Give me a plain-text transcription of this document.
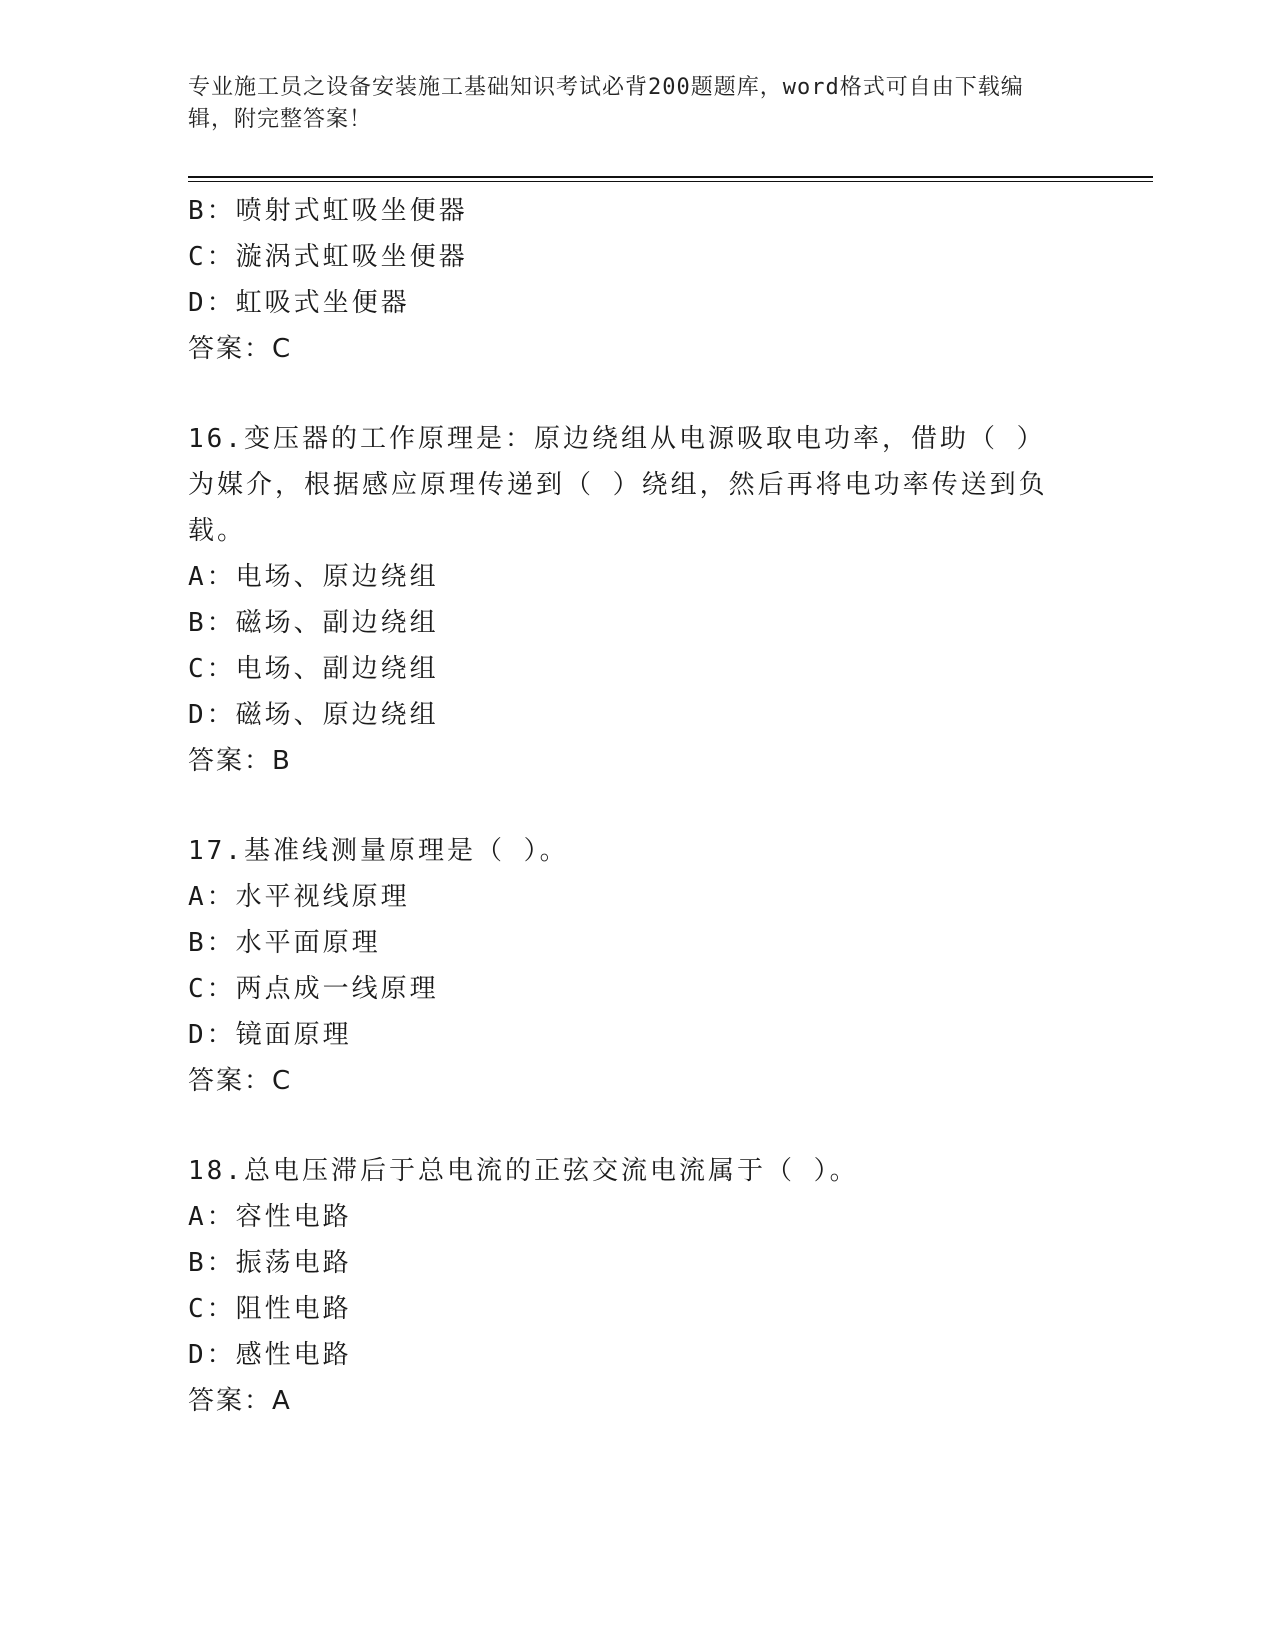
专业施工员之设备安装施工基础知识考试必背200题题库，word格式可自由下载编辑，附完整答案！
B：喷射式虹吸坐便器
C：漩涡式虹吸坐便器
D：虹吸式坐便器
答案：C
16.变压器的工作原理是：原边绕组从电源吸取电功率，借助（ ）为媒介，根据感应原理传递到（ ）绕组，然后再将电功率传送到负载。
A：电场、原边绕组
B：磁场、副边绕组
C：电场、副边绕组
D：磁场、原边绕组
答案：B
17.基准线测量原理是（ ）。
A：水平视线原理
B：水平面原理
C：两点成一线原理
D：镜面原理
答案：C
18.总电压滞后于总电流的正弦交流电流属于（ ）。
A：容性电路
B：振荡电路
C：阻性电路
D：感性电路
答案：A
